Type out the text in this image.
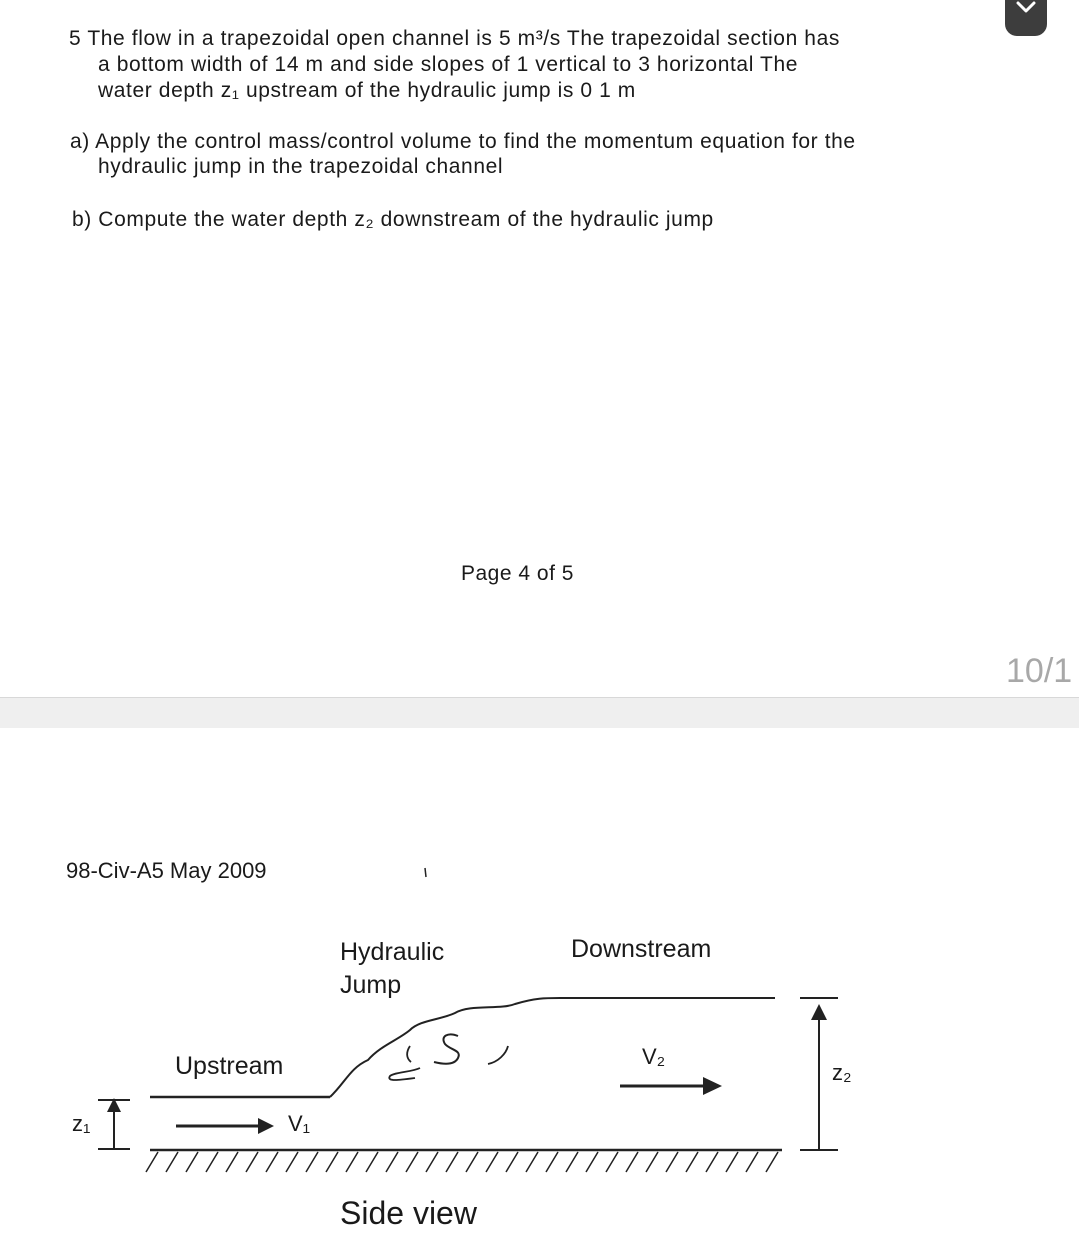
5 The flow in a trapezoidal open channel is 5 m³/s The trapezoidal section has
a bottom width of 14 m and side slopes of 1 vertical to 3 horizontal The
water depth z₁ upstream of the hydraulic jump is 0 1 m
a) Apply the control mass/control volume to find the momentum equation for the
hydraulic jump in the trapezoidal channel
b) Compute the water depth z₂ downstream of the hydraulic jump
Page 4 of 5
10/1
98-Civ-A5 May 2009
Hydraulic
Jump
Downstream
Upstream
V₁
V₂
z₁
z₂
Side view
